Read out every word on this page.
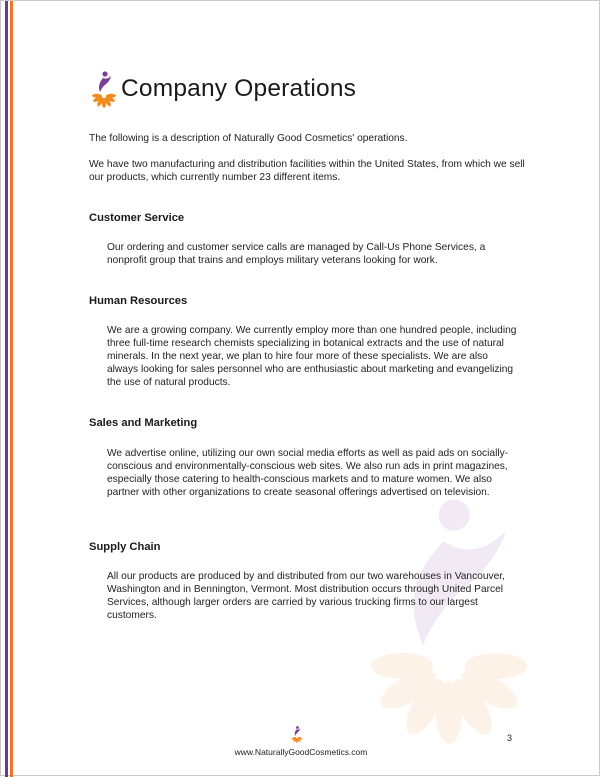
Company Operations

The following is a description of Naturally Good Cosmetics' operations.

We have two manufacturing and distribution facilities within the United States, from which we sell our products, which currently number 23 different items.

Customer Service

Our ordering and customer service calls are managed by Call-Us Phone Services, a nonprofit group that trains and employs military veterans looking for work.

Human Resources

We are a growing company. We currently employ more than one hundred people, including three full-time research chemists specializing in botanical extracts and the use of natural minerals. In the next year, we plan to hire four more of these specialists. We are also always looking for sales personnel who are enthusiastic about marketing and evangelizing the use of natural products.

Sales and Marketing

We advertise online, utilizing our own social media efforts as well as paid ads on socially-conscious and environmentally-conscious web sites. We also run ads in print magazines, especially those catering to health-conscious markets and to mature women. We also partner with other organizations to create seasonal offerings advertised on television.

Supply Chain

All our products are produced by and distributed from our two warehouses in Vancouver, Washington and in Bennington, Vermont. Most distribution occurs through United Parcel Services, although larger orders are carried by various trucking firms to our largest customers.

3
www.NaturallyGoodCosmetics.com
